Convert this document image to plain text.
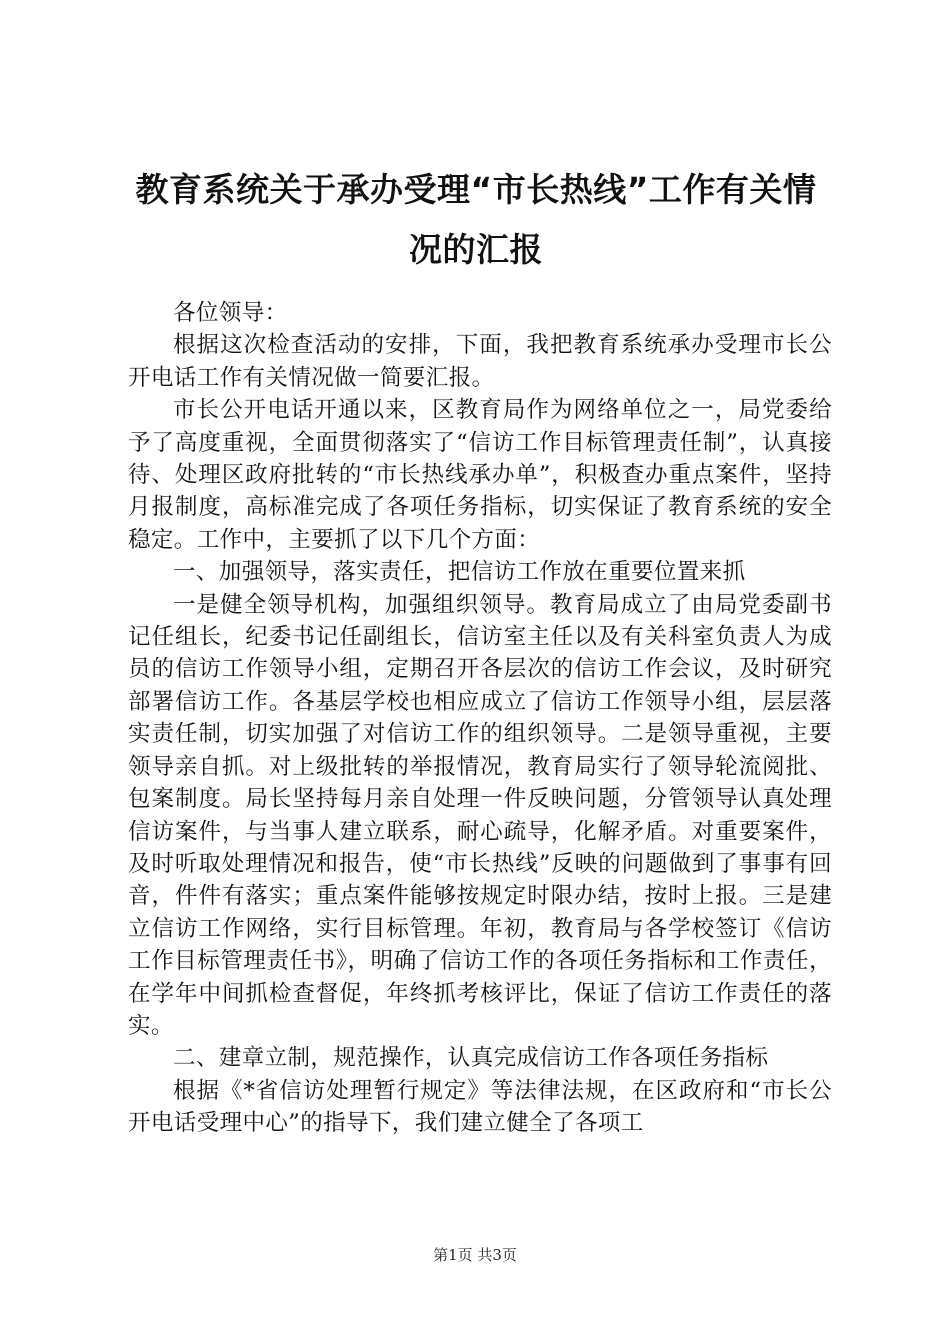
教育系统关于承办受理“市长热线”工作有关情况的汇报

各位领导：

根据这次检查活动的安排，下面，我把教育系统承办受理市长公开电话工作有关情况做一简要汇报。

市长公开电话开通以来，区教育局作为网络单位之一，局党委给予了高度重视，全面贯彻落实了“信访工作目标管理责任制”，认真接待、处理区政府批转的“市长热线承办单”，积极查办重点案件，坚持月报制度，高标准完成了各项任务指标，切实保证了教育系统的安全稳定。工作中，主要抓了以下几个方面：

一、加强领导，落实责任，把信访工作放在重要位置来抓

一是健全领导机构，加强组织领导。教育局成立了由局党委副书记任组长，纪委书记任副组长，信访室主任以及有关科室负责人为成员的信访工作领导小组，定期召开各层次的信访工作会议，及时研究部署信访工作。各基层学校也相应成立了信访工作领导小组，层层落实责任制，切实加强了对信访工作的组织领导。二是领导重视，主要领导亲自抓。对上级批转的举报情况，教育局实行了领导轮流阅批、包案制度。局长坚持每月亲自处理一件反映问题，分管领导认真处理信访案件，与当事人建立联系，耐心疏导，化解矛盾。对重要案件，及时听取处理情况和报告，使“市长热线”反映的问题做到了事事有回音，件件有落实；重点案件能够按规定时限办结，按时上报。三是建立信访工作网络，实行目标管理。年初，教育局与各学校签订《信访工作目标管理责任书》，明确了信访工作的各项任务指标和工作责任，在学年中间抓检查督促，年终抓考核评比，保证了信访工作责任的落实。

二、建章立制，规范操作，认真完成信访工作各项任务指标

根据《*省信访处理暂行规定》等法律法规，在区政府和“市长公开电话受理中心”的指导下，我们建立健全了各项工

第1页 共3页
